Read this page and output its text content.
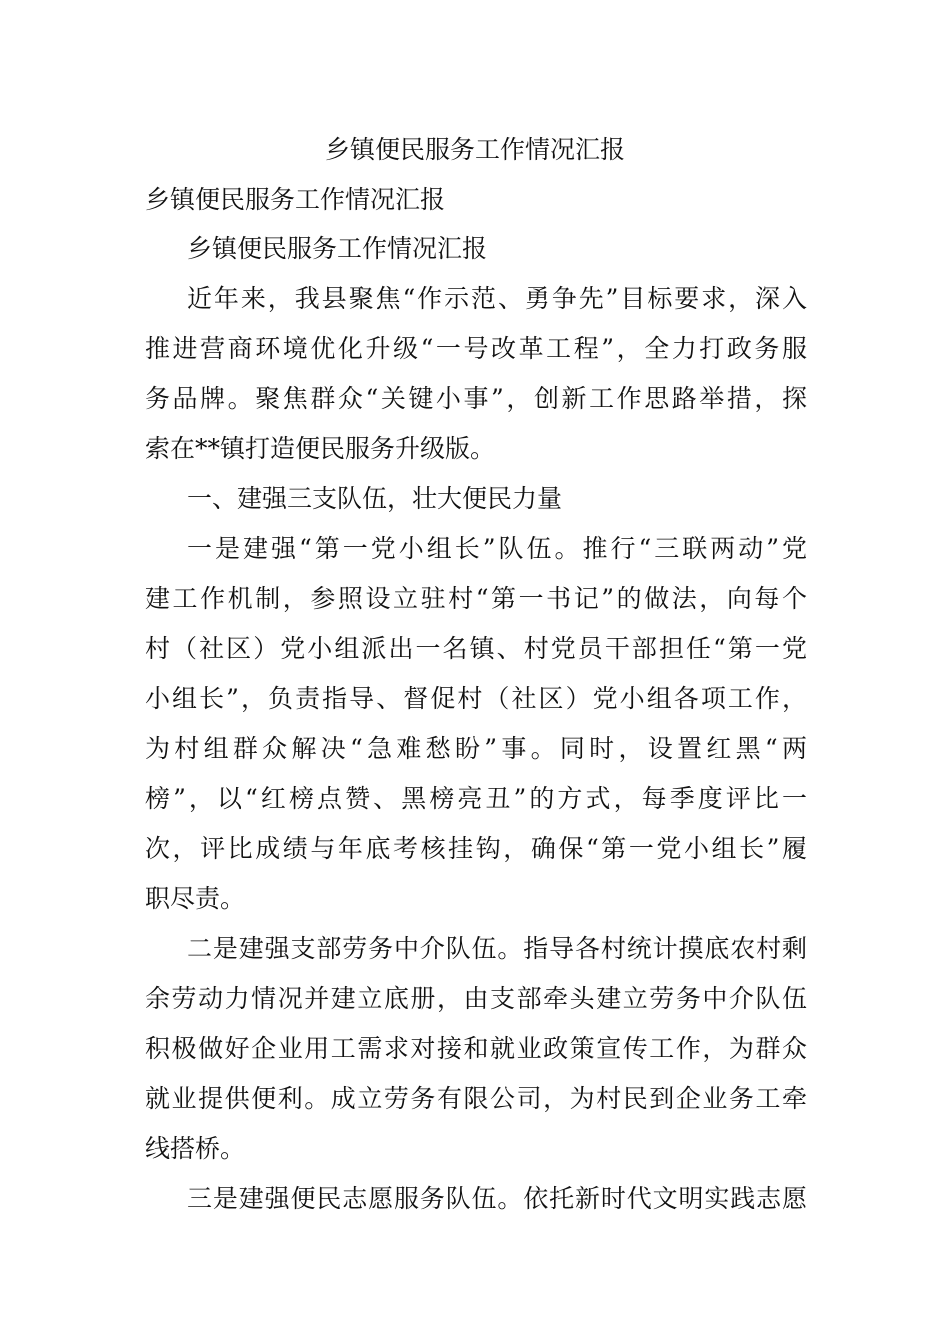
乡镇便民服务工作情况汇报

乡镇便民服务工作情况汇报

乡镇便民服务工作情况汇报

近年来，我县聚焦“作示范、勇争先”目标要求，深入

推进营商环境优化升级“一号改革工程”，全力打政务服

务品牌。聚焦群众“关键小事”，创新工作思路举措，探

索在**镇打造便民服务升级版。

一、建强三支队伍，壮大便民力量

一是建强“第一党小组长”队伍。推行“三联两动”党

建工作机制，参照设立驻村“第一书记”的做法，向每个

村（社区）党小组派出一名镇、村党员干部担任“第一党

小组长”，负责指导、督促村（社区）党小组各项工作，

为村组群众解决“急难愁盼”事。同时，设置红黑“两

榜”，以“红榜点赞、黑榜亮丑”的方式，每季度评比一

次，评比成绩与年底考核挂钩，确保“第一党小组长”履

职尽责。

二是建强支部劳务中介队伍。指导各村统计摸底农村剩

余劳动力情况并建立底册，由支部牵头建立劳务中介队伍

积极做好企业用工需求对接和就业政策宣传工作，为群众

就业提供便利。成立劳务有限公司，为村民到企业务工牵

线搭桥。

三是建强便民志愿服务队伍。依托新时代文明实践志愿
